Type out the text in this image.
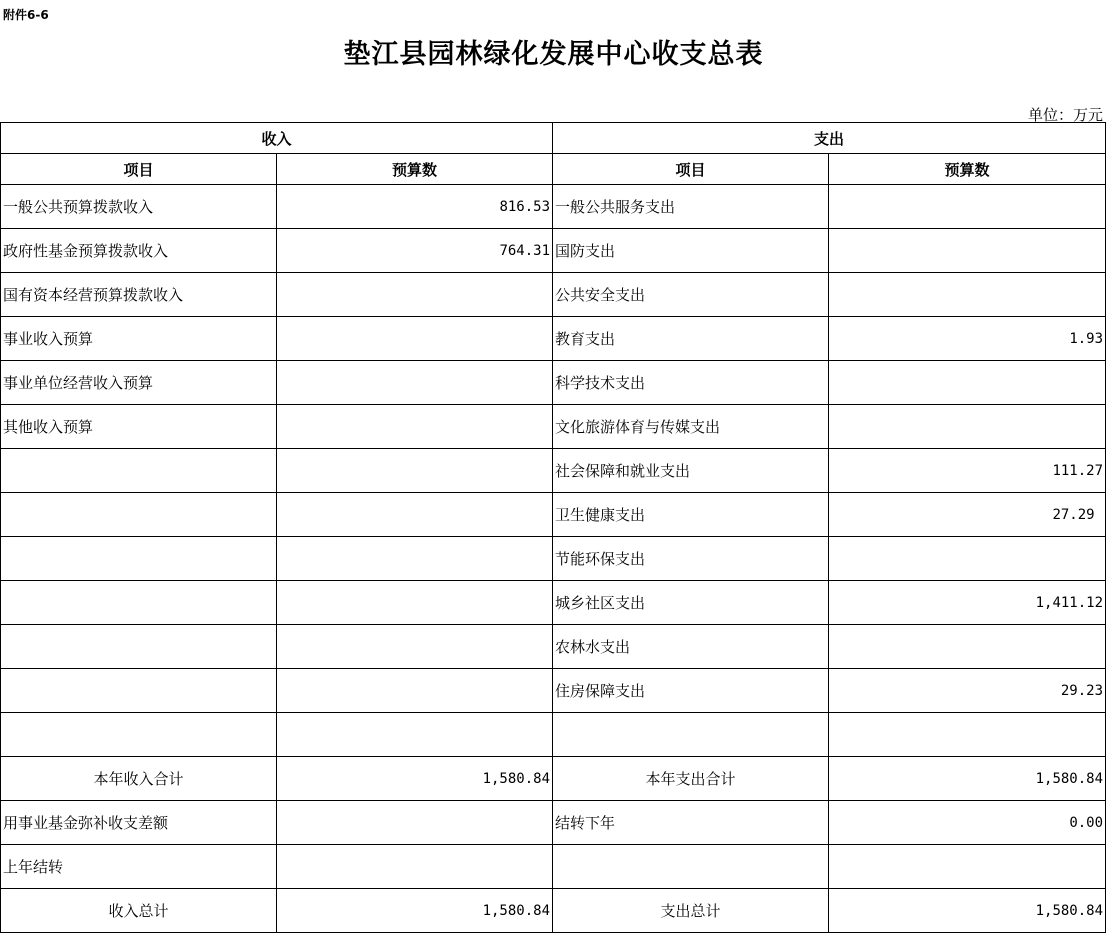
附件6-6
垫江县园林绿化发展中心收支总表
单位：万元
收入		支出	
项目	预算数	项目	预算数
一般公共预算拨款收入	816.53	一般公共服务支出	
政府性基金预算拨款收入	764.31	国防支出	
国有资本经营预算拨款收入		公共安全支出	
事业收入预算		教育支出	1.93
事业单位经营收入预算		科学技术支出	
其他收入预算		文化旅游体育与传媒支出	
		社会保障和就业支出	111.27
		卫生健康支出	27.29
		节能环保支出	
		城乡社区支出	1,411.12
		农林水支出	
		住房保障支出	29.23

本年收入合计	1,580.84	本年支出合计	1,580.84
用事业基金弥补收支差额		结转下年	0.00
上年结转			
收入总计	1,580.84	支出总计	1,580.84
